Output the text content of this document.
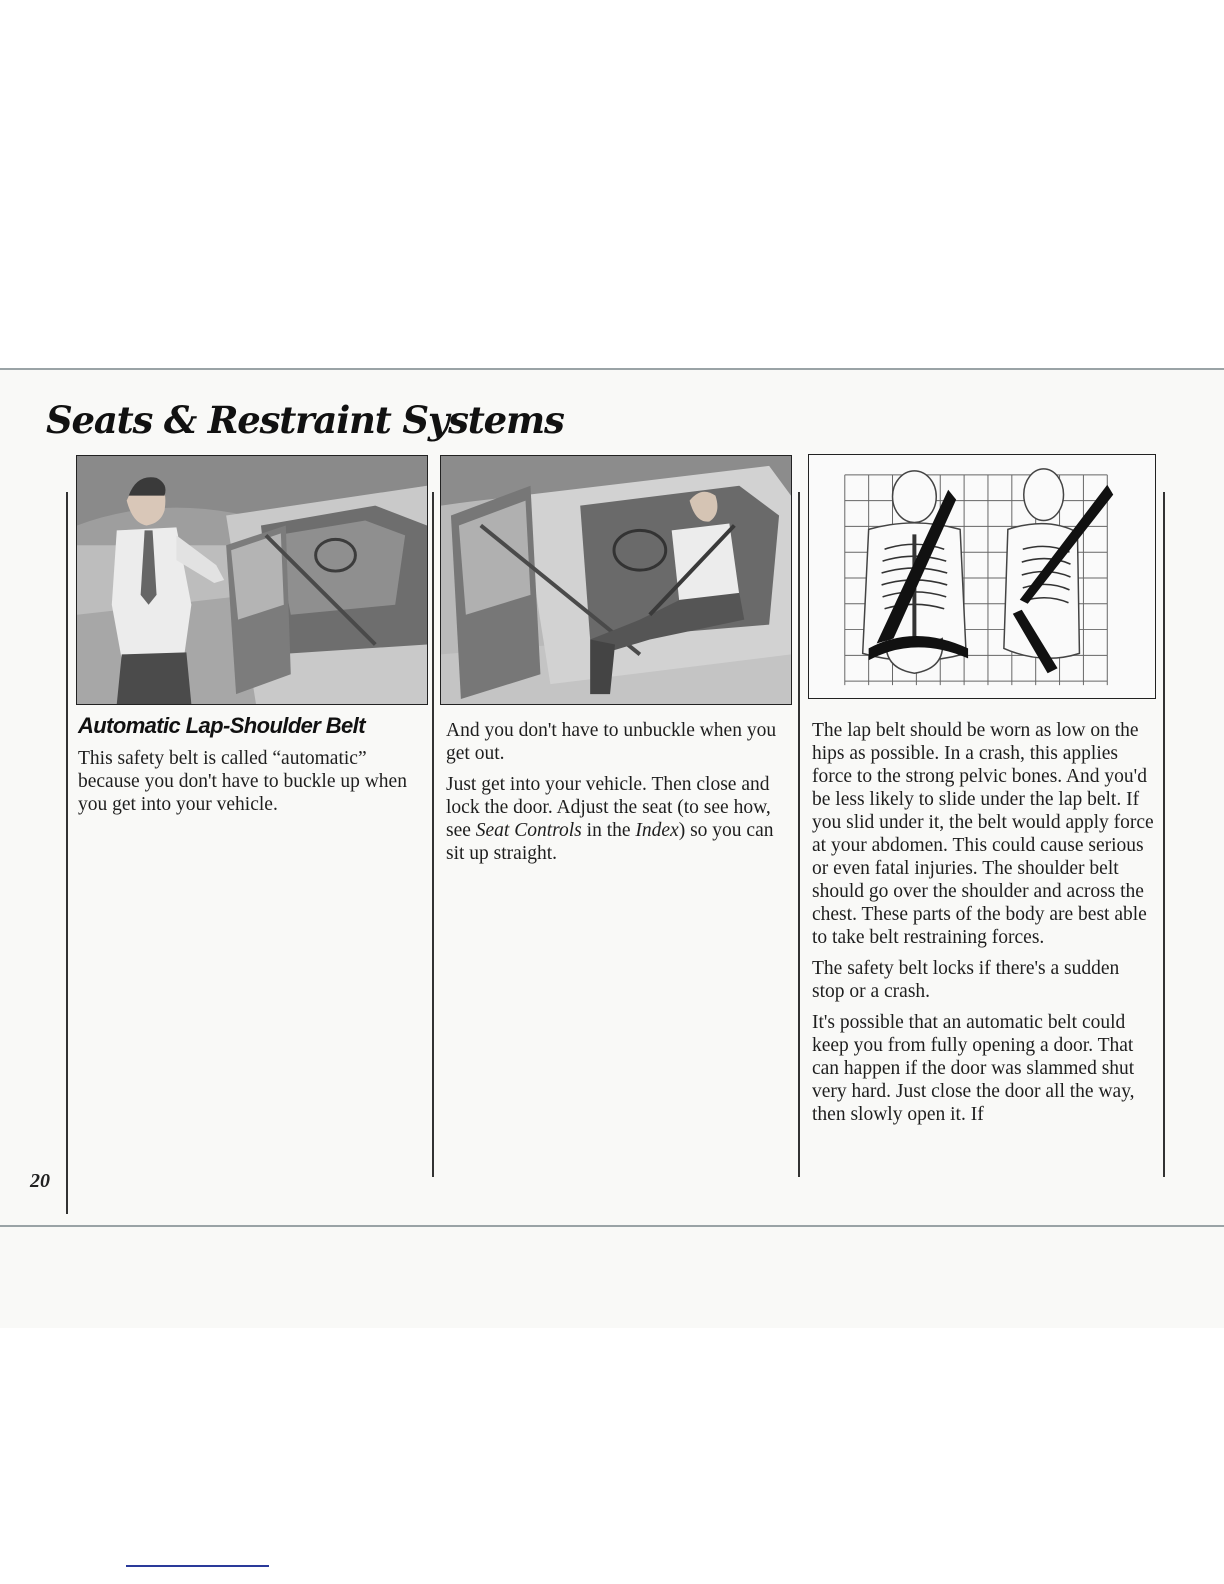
Seats & Restraint Systems
Automatic Lap-Shoulder Belt

This safety belt is called “automatic” because you don't have to buckle up when you get into your vehicle.

And you don't have to unbuckle when you get out.

Just get into your vehicle. Then close and lock the door. Adjust the seat (to see how, see Seat Controls in the Index) so you can sit up straight.

The lap belt should be worn as low on the hips as possible. In a crash, this applies force to the strong pelvic bones. And you'd be less likely to slide under the lap belt. If you slid under it, the belt would apply force at your abdomen. This could cause serious or even fatal injuries. The shoulder belt should go over the shoulder and across the chest. These parts of the body are best able to take belt restraining forces.

The safety belt locks if there's a sudden stop or a crash.

It's possible that an automatic belt could keep you from fully opening a door. That can happen if the door was slammed shut very hard. Just close the door all the way, then slowly open it. If

20
